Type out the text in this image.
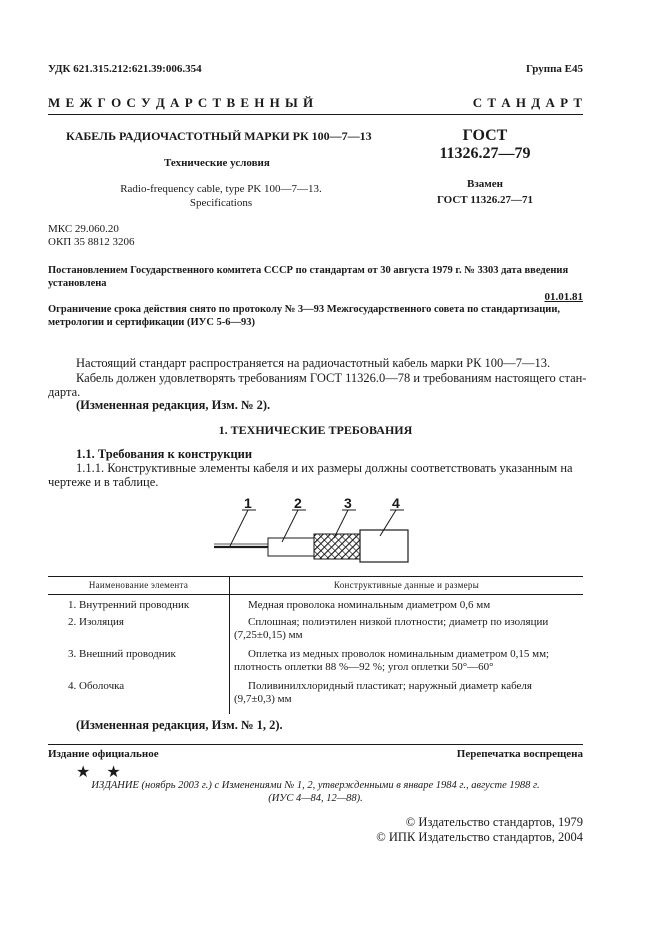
УДК 621.315.212:621.39:006.354	Группа Е45
М Е Ж Г О С У Д А Р С Т В Е Н Н Ы Й	С Т А Н Д А Р Т
КАБЕЛЬ РАДИОЧАСТОТНЫЙ МАРКИ РК 100—7—13
Технические условия
Radio-frequency cable, type PK 100—7—13.
Specifications
ГОСТ
11326.27—79
Взамен
ГОСТ 11326.27—71
МКС 29.060.20
ОКП 35 8812 3206
Постановлением Государственного комитета СССР по стандартам от 30 августа 1979 г. № 3303 дата введения
установлена
01.01.81
Ограничение срока действия снято по протоколу № 3—93 Межгосударственного совета по стандартизации,
метрологии и сертификации (ИУС 5-6—93)
Настоящий стандарт распространяется на радиочастотный кабель марки РК 100—7—13.
Кабель должен удовлетворять требованиям ГОСТ 11326.0—78 и требованиям настоящего стан-
дарта.
(Измененная редакция, Изм. № 2).
1. ТЕХНИЧЕСКИЕ ТРЕБОВАНИЯ
1.1. Требования к конструкции
1.1.1. Конструктивные элементы кабеля и их размеры должны соответствовать указанным на
чертеже и в таблице.
1	2	3	4
Наименование элемента	Конструктивные данные и размеры
1. Внутренний проводник	Медная проволока номинальным диаметром 0,6 мм
2. Изоляция	Сплошная; полиэтилен низкой плотности; диаметр по изоляции
(7,25±0,15) мм
3. Внешний проводник	Оплетка из медных проволок номинальным диаметром 0,15 мм;
плотность оплетки 88 %—92 %; угол оплетки 50°—60°
4. Оболочка	Поливинилхлоридный пластикат; наружный диаметр кабеля
(9,7±0,3) мм
(Измененная редакция, Изм. № 1, 2).
Издание официальное	Перепечатка воспрещена
★ ★
ИЗДАНИЕ (ноябрь 2003 г.) с Изменениями № 1, 2, утвержденными в январе 1984 г., августе 1988 г.
(ИУС 4—84, 12—88).
© Издательство стандартов, 1979
© ИПК Издательство стандартов, 2004
